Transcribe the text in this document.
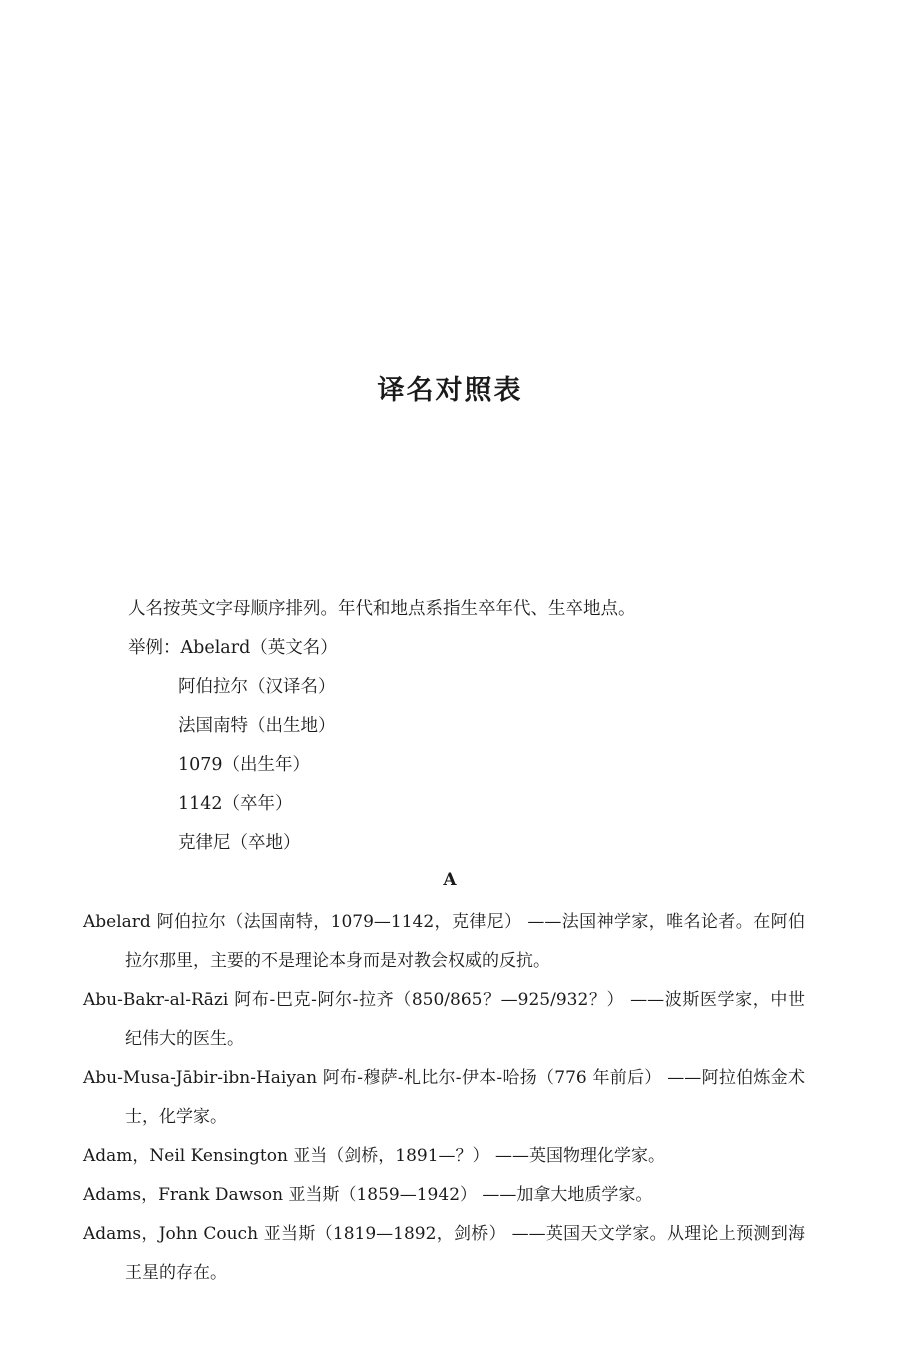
译名对照表
人名按英文字母顺序排列。年代和地点系指生卒年代、生卒地点。
举例：Abelard（英文名）
阿伯拉尔（汉译名）
法国南特（出生地）
1079（出生年）
1142（卒年）
克律尼（卒地）
A

Abelard 阿伯拉尔（法国南特，1079—1142，克律尼） ——法国神学家，唯名论者。在阿伯拉尔那里，主要的不是理论本身而是对教会权威的反抗。

Abu-Bakr-al-Rāzi 阿布-巴克-阿尔-拉齐（850/865？—925/932？） ——波斯医学家，中世纪伟大的医生。

Abu-Musa-Jābir-ibn-Haiyan 阿布-穆萨-札比尔-伊本-哈扬（776 年前后） ——阿拉伯炼金术士，化学家。

Adam，Neil Kensington 亚当（剑桥，1891—？） ——英国物理化学家。

Adams，Frank Dawson 亚当斯（1859—1942） ——加拿大地质学家。

Adams，John Couch 亚当斯（1819—1892，剑桥） ——英国天文学家。从理论上预测到海王星的存在。
